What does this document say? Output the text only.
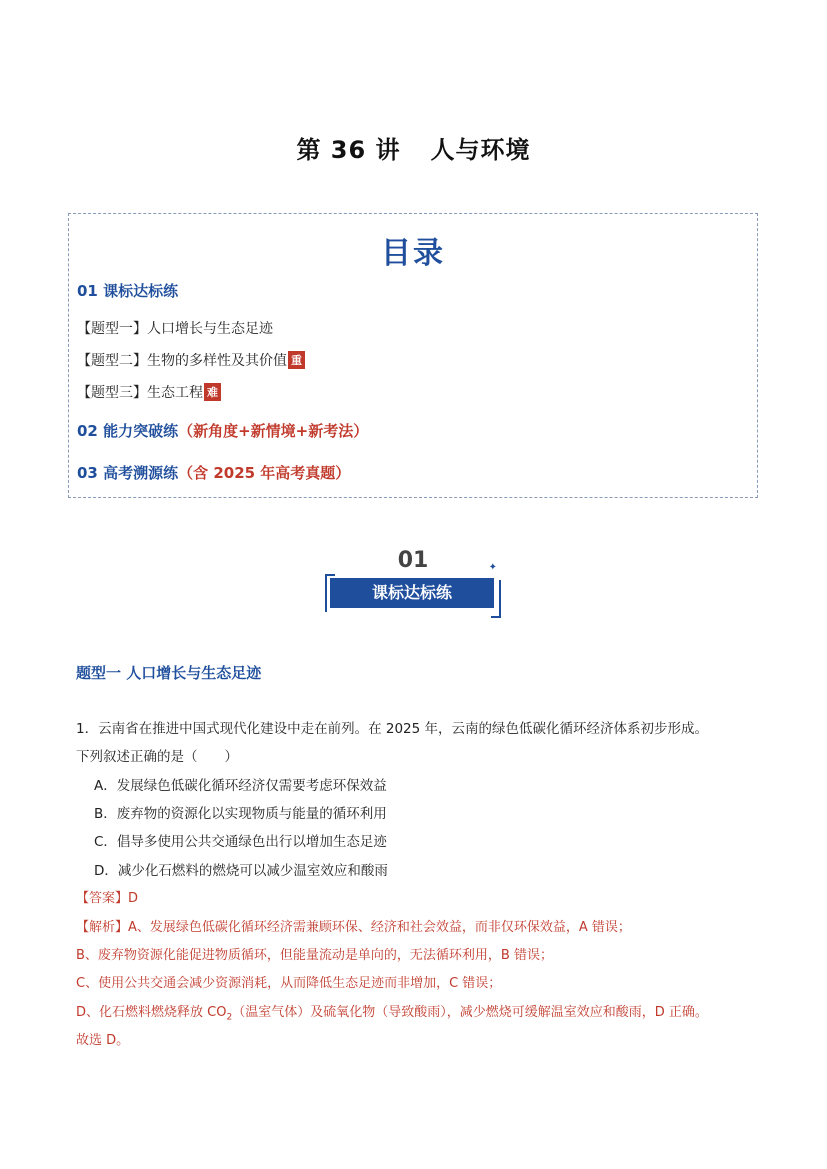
第 36 讲 人与环境
目录
01 课标达标练
【题型一】人口增长与生态足迹
【题型二】生物的多样性及其价值 重
【题型三】生态工程 难
02 能力突破练（新角度+新情境+新考法）
03 高考溯源练（含 2025 年高考真题）
01
课标达标练
✦
题型一 人口增长与生态足迹
1．云南省在推进中国式现代化建设中走在前列。在 2025 年，云南的绿色低碳化循环经济体系初步形成。
下列叙述正确的是（　　）
A．发展绿色低碳化循环经济仅需要考虑环保效益
B．废弃物的资源化以实现物质与能量的循环利用
C．倡导多使用公共交通绿色出行以增加生态足迹
D．减少化石燃料的燃烧可以减少温室效应和酸雨
【答案】D
【解析】A、发展绿色低碳化循环经济需兼顾环保、经济和社会效益，而非仅环保效益，A 错误；
B、废弃物资源化能促进物质循环，但能量流动是单向的，无法循环利用，B 错误；
C、使用公共交通会减少资源消耗，从而降低生态足迹而非增加，C 错误；
D、化石燃料燃烧释放 $CO_2$（温室气体）及硫氧化物（导致酸雨），减少燃烧可缓解温室效应和酸雨，D 正确。
故选 D。
